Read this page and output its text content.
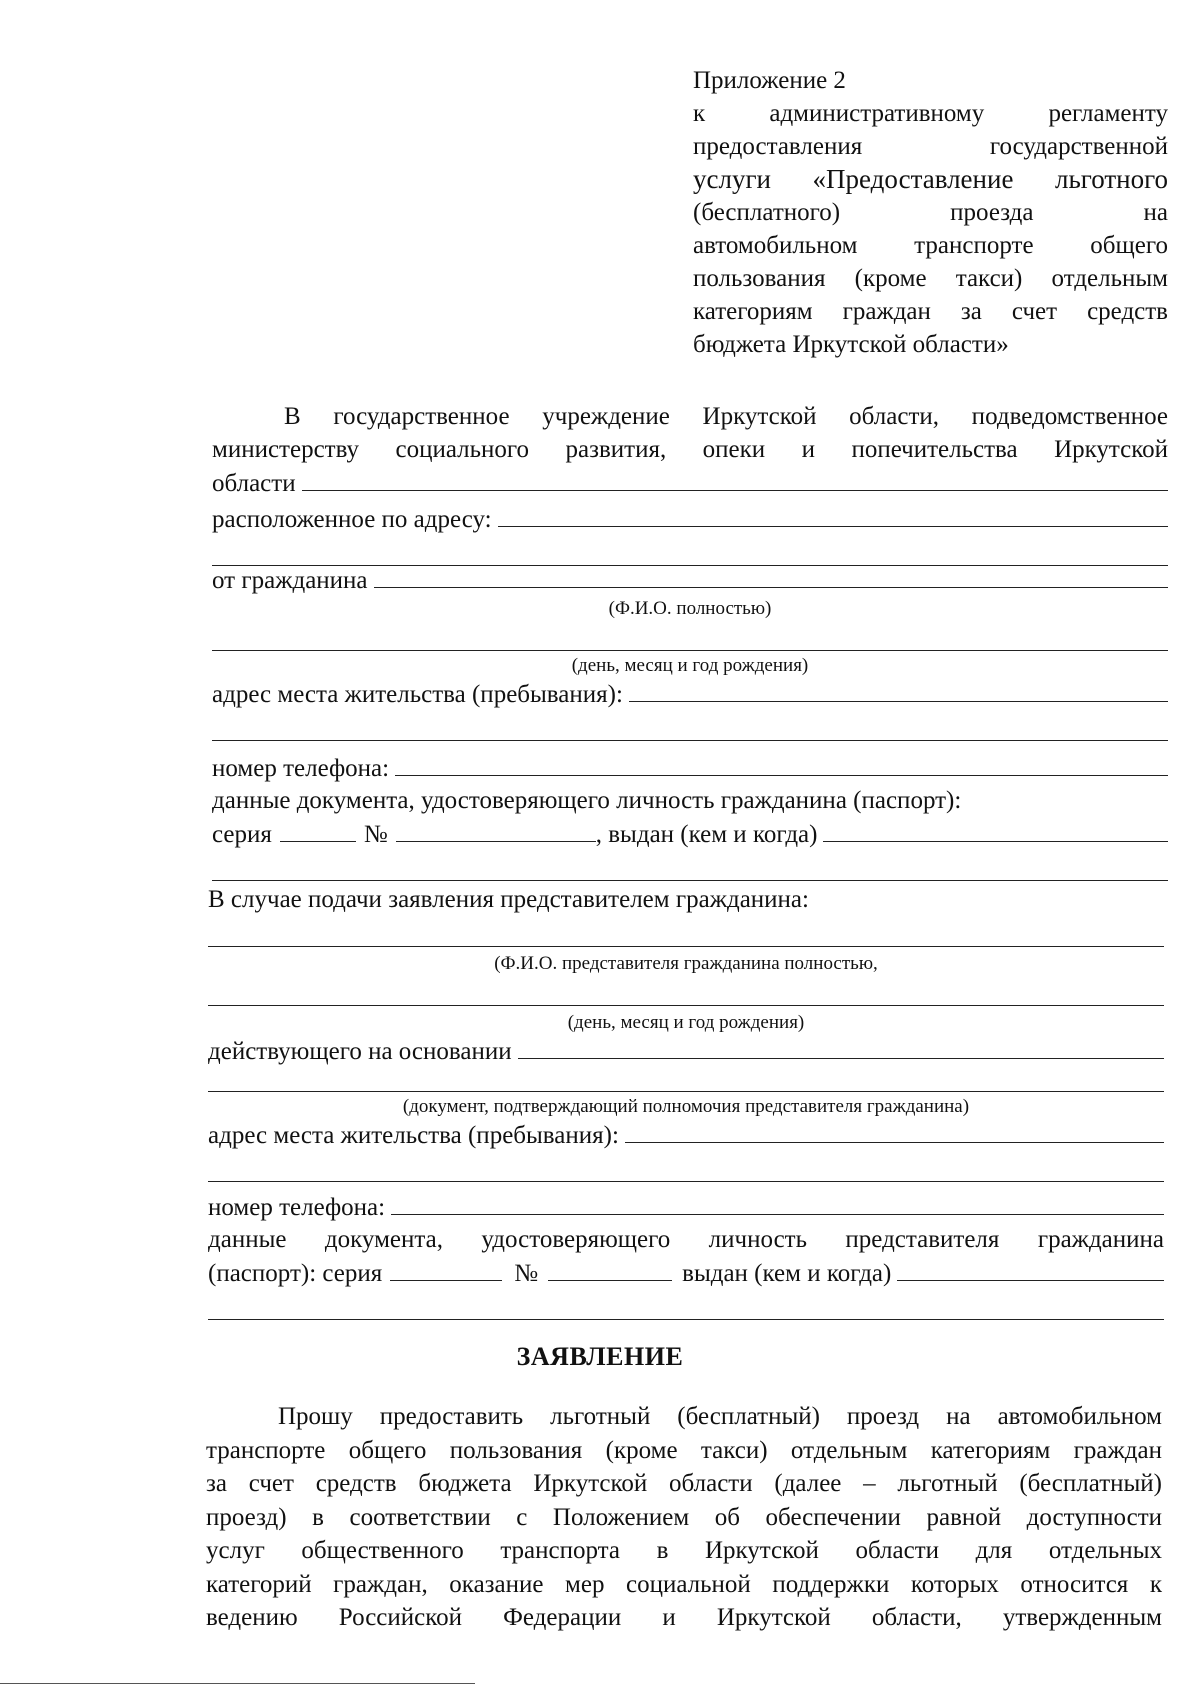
Приложение 2
к административному регламенту
предоставления государственной
услуги «Предоставление льготного
(бесплатного) проезда на
автомобильном транспорте общего
пользования (кроме такси) отдельным
категориям граждан за счет средств
бюджета Иркутской области»
В государственное учреждение Иркутской области, подведомственное
министерству социального развития, опеки и попечительства Иркутской
области
расположенное по адресу:
от гражданина
(Ф.И.О. полностью)
(день, месяц и год рождения)
адрес места жительства (пребывания):
номер телефона:
данные документа, удостоверяющего личность гражданина (паспорт):
серия	№	, выдан (кем и когда)
В случае подачи заявления представителем гражданина:
(Ф.И.О. представителя гражданина полностью,
(день, месяц и год рождения)
действующего на основании
(документ, подтверждающий полномочия представителя гражданина)
адрес места жительства (пребывания):
номер телефона:
данные документа, удостоверяющего личность представителя гражданина
(паспорт): серия	№	выдан (кем и когда)
ЗАЯВЛЕНИЕ
Прошу предоставить льготный (бесплатный) проезд на автомобильном
транспорте общего пользования (кроме такси) отдельным категориям граждан
за счет средств бюджета Иркутской области (далее – льготный (бесплатный)
проезд) в соответствии с Положением об обеспечении равной доступности
услуг общественного транспорта в Иркутской области для отдельных
категорий граждан, оказание мер социальной поддержки которых относится к
ведению Российской Федерации и Иркутской области, утвержденным
